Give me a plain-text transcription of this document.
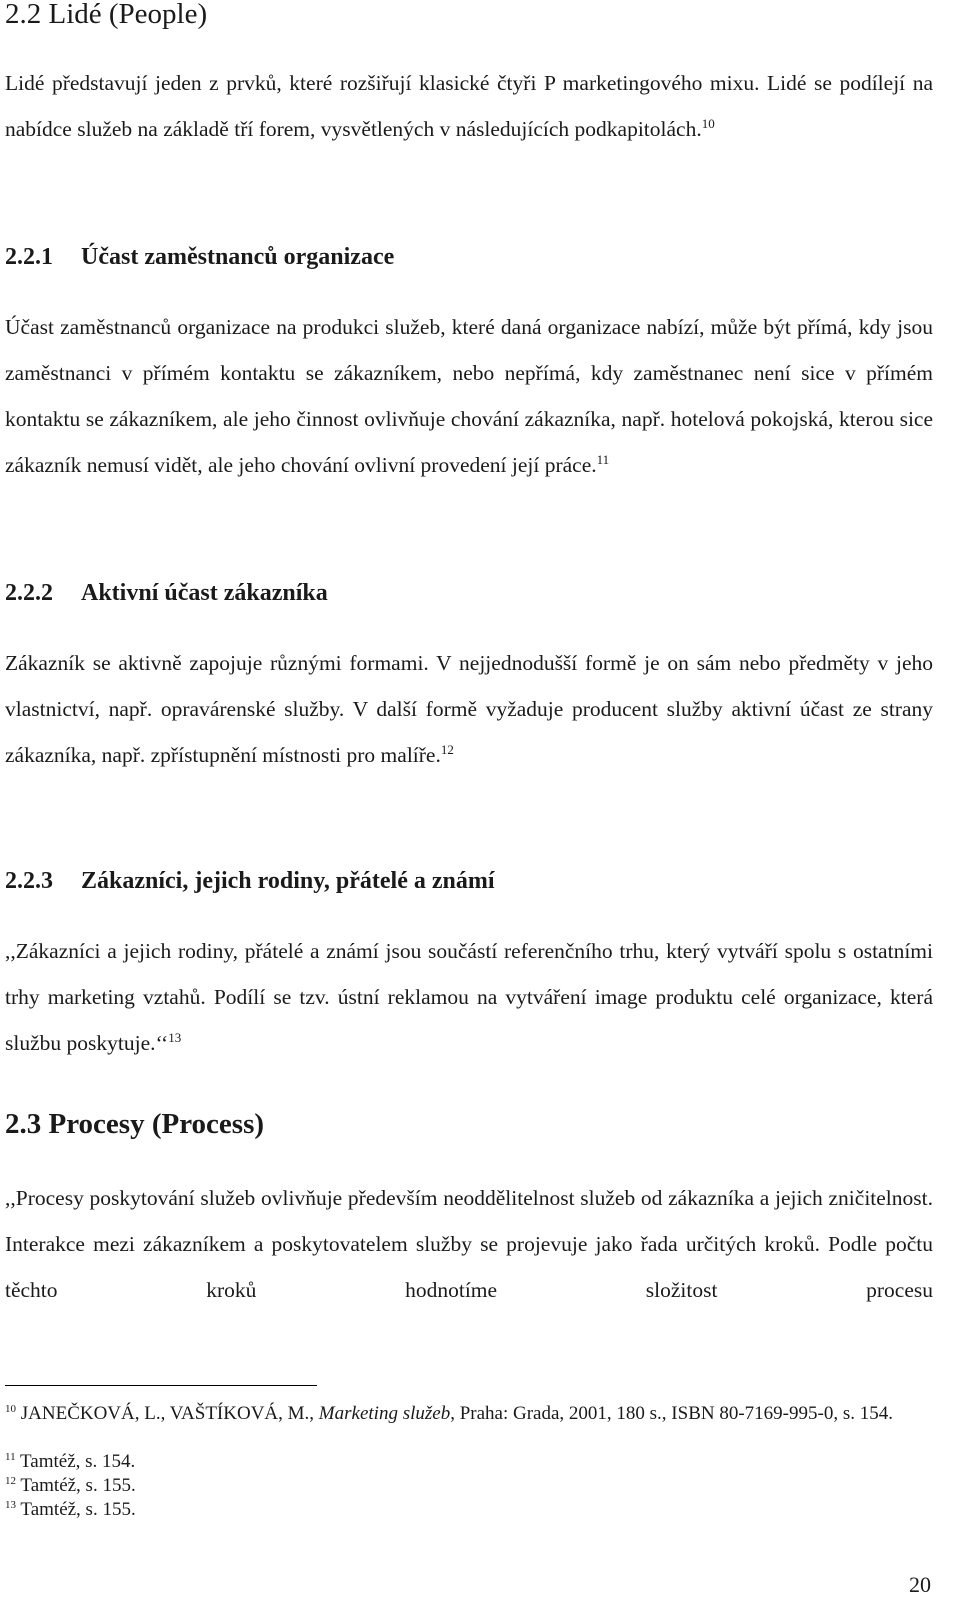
2.2 Lidé (People)
Lidé představují jeden z prvků, které rozšiřují klasické čtyři P marketingového mixu. Lidé se podílejí na nabídce služeb na základě tří forem, vysvětlených v následujících podkapitolách.$^{10}$
2.2.1 Účast zaměstnanců organizace
Účast zaměstnanců organizace na produkci služeb, které daná organizace nabízí, může být přímá, kdy jsou zaměstnanci v přímém kontaktu se zákazníkem, nebo nepřímá, kdy zaměstnanec není sice v přímém kontaktu se zákazníkem, ale jeho činnost ovlivňuje chování zákazníka, např. hotelová pokojská, kterou sice zákazník nemusí vidět, ale jeho chování ovlivní provedení její práce.$^{11}$
2.2.2 Aktivní účast zákazníka
Zákazník se aktivně zapojuje různými formami. V nejjednodušší formě je on sám nebo předměty v jeho vlastnictví, např. opravárenské služby. V další formě vyžaduje producent služby aktivní účast ze strany zákazníka, např. zpřístupnění místnosti pro malíře.$^{12}$
2.2.3 Zákazníci, jejich rodiny, přátelé a známí
,,Zákazníci a jejich rodiny, přátelé a známí jsou součástí referenčního trhu, který vytváří spolu s ostatními trhy marketing vztahů. Podílí se tzv. ústní reklamou na vytváření image produktu celé organizace, která službu poskytuje.‘‘$^{13}$
2.3 Procesy (Process)
,,Procesy poskytování služeb ovlivňuje především neoddělitelnost služeb od zákazníka a jejich zničitelnost. Interakce mezi zákazníkem a poskytovatelem služby se projevuje jako řada určitých kroků. Podle počtu těchto kroků hodnotíme složitost procesu
$^{10}$ JANEČKOVÁ, L., VAŠTÍKOVÁ, M., Marketing služeb, Praha: Grada, 2001, 180 s., ISBN 80-7169-995-0, s. 154.
$^{11}$ Tamtéž, s. 154.
$^{12}$ Tamtéž, s. 155.
$^{13}$ Tamtéž, s. 155.
20
